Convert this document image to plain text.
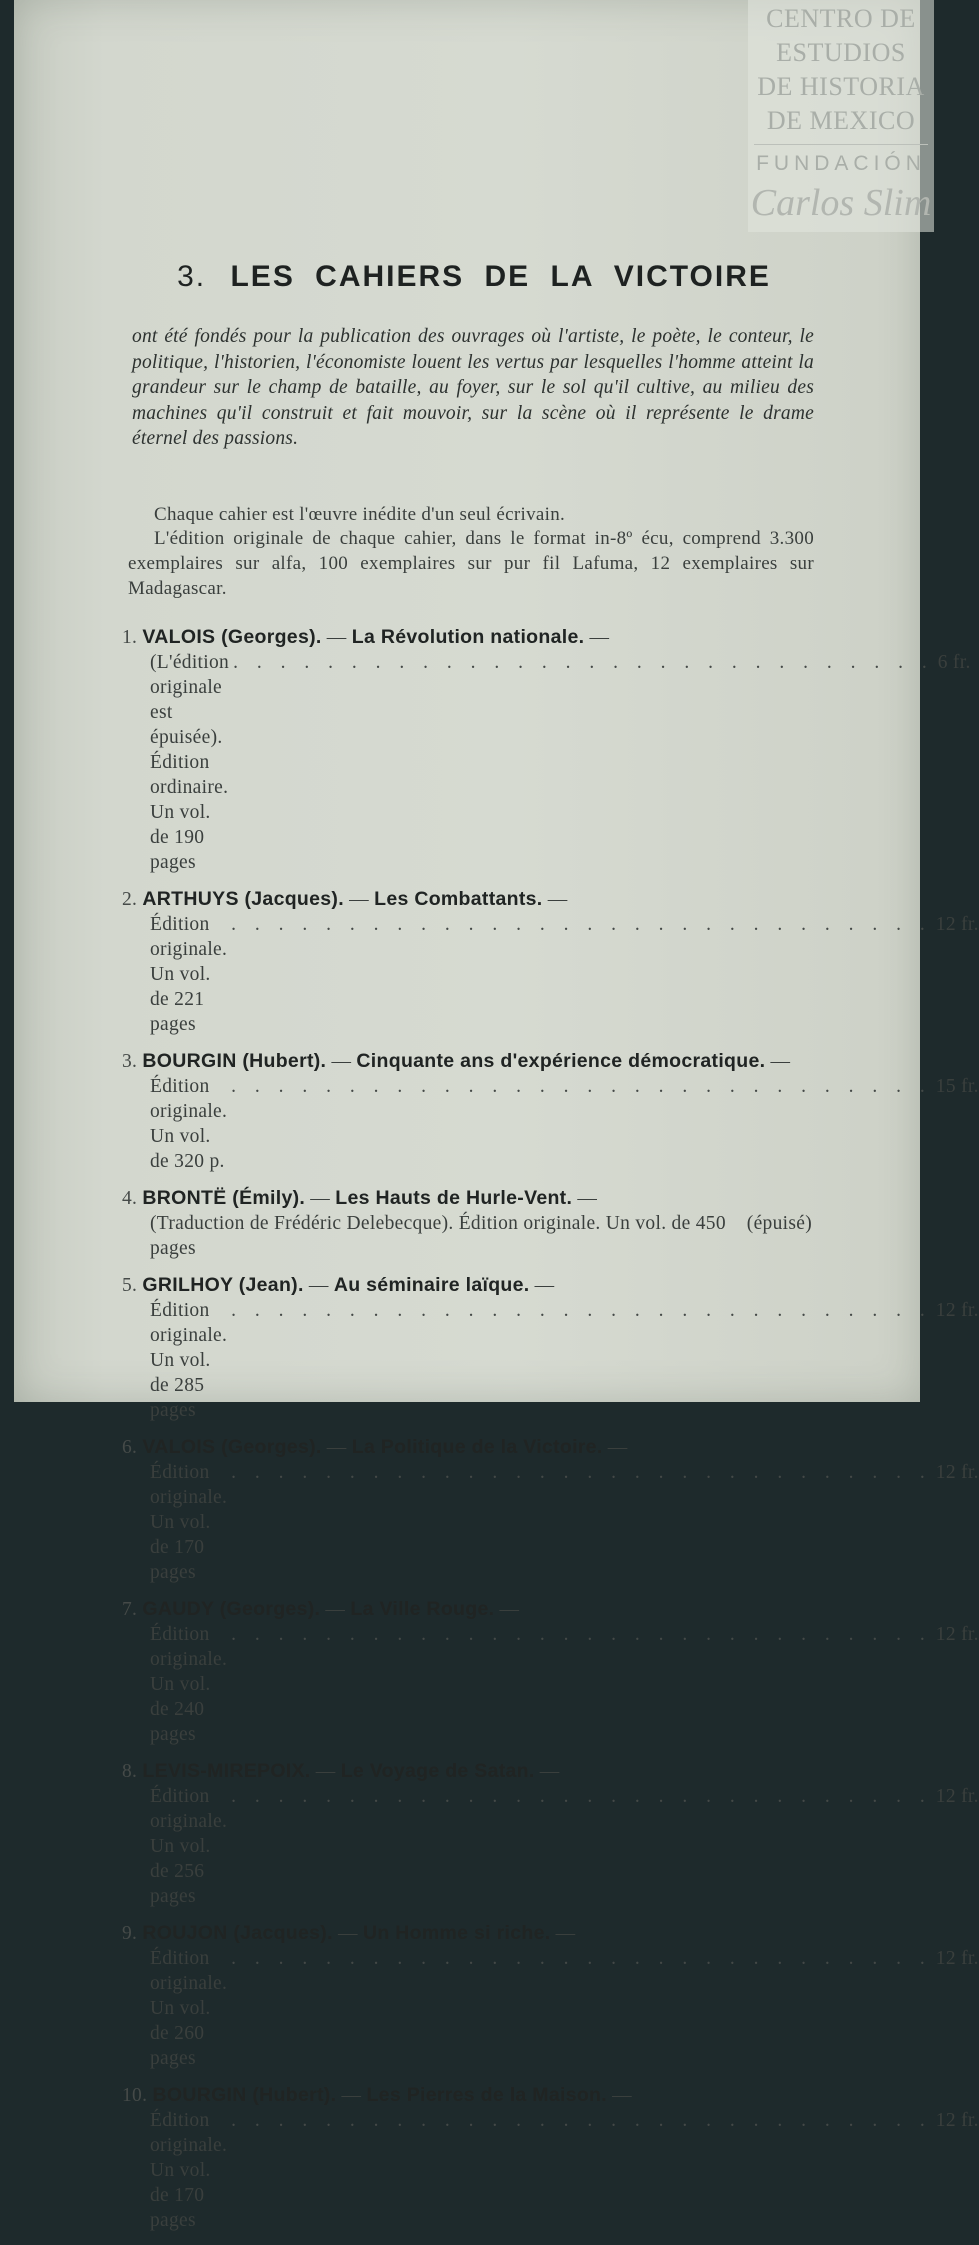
CENTRO DE
ESTUDIOS
DE HISTORIA
DE MEXICO
FUNDACIÓN
Carlos Slim
3. LES CAHIERS DE LA VICTOIRE

ont été fondés pour la publication des ouvrages où l'artiste, le poète, le conteur, le politique, l'historien, l'économiste louent les vertus par lesquelles l'homme atteint la grandeur sur le champ de bataille, au foyer, sur le sol qu'il cultive, au milieu des machines qu'il construit et fait mouvoir, sur la scène où il représente le drame éternel des passions.

Chaque cahier est l'œuvre inédite d'un seul écrivain.

L'édition originale de chaque cahier, dans le format in-8º écu, comprend 3.300 exemplaires sur alfa, 100 exemplaires sur pur fil Lafuma, 12 exemplaires sur Madagascar.

1. VALOIS (Georges). — La Révolution nationale. —
(L'édition originale est épuisée). Édition ordinaire. Un vol. de 190 pages
. . . . . . . . . . . . . . . . . . . . . . . . . . . . . . 6 fr.
2. ARTHUYS (Jacques). — Les Combattants. —
Édition originale. Un vol. de 221 pages
. . . . . . . . . . . . . . . . . . . . . . . . . . . . . . 12 fr.
3. BOURGIN (Hubert). — Cinquante ans d'expérience démocratique. —
Édition originale. Un vol. de 320 p.
. . . . . . . . . . . . . . . . . . . . . . . . . . . . . . 15 fr.
4. BRONTË (Émily). — Les Hauts de Hurle-Vent. —
(Traduction de Frédéric Delebecque). Édition originale. Un vol. de 450 pages
(épuisé)
5. GRILHOY (Jean). — Au séminaire laïque. —
Édition originale. Un vol. de 285 pages
. . . . . . . . . . . . . . . . . . . . . . . . . . . . . . 12 fr.
6. VALOIS (Georges). — La Politique de la Victoire. —
Édition originale. Un vol. de 170 pages
. . . . . . . . . . . . . . . . . . . . . . . . . . . . . . 12 fr.
7. GAUDY (Georges). — La Ville Rouge. —
Édition originale. Un vol. de 240 pages
. . . . . . . . . . . . . . . . . . . . . . . . . . . . . . 12 fr.
8. LEVIS-MIREPOIX. — Le Voyage de Satan. —
Édition originale. Un vol. de 256 pages
. . . . . . . . . . . . . . . . . . . . . . . . . . . . . . 12 fr.
9. ROUJON (Jacques). — Un Homme si riche. —
Édition originale. Un vol. de 260 pages
. . . . . . . . . . . . . . . . . . . . . . . . . . . . . . 12 fr.
10. BOURGIN (Hubert). — Les Pierres de la Maison. —
Édition originale. Un vol. de 170 pages
. . . . . . . . . . . . . . . . . . . . . . . . . . . . . . 12 fr.
